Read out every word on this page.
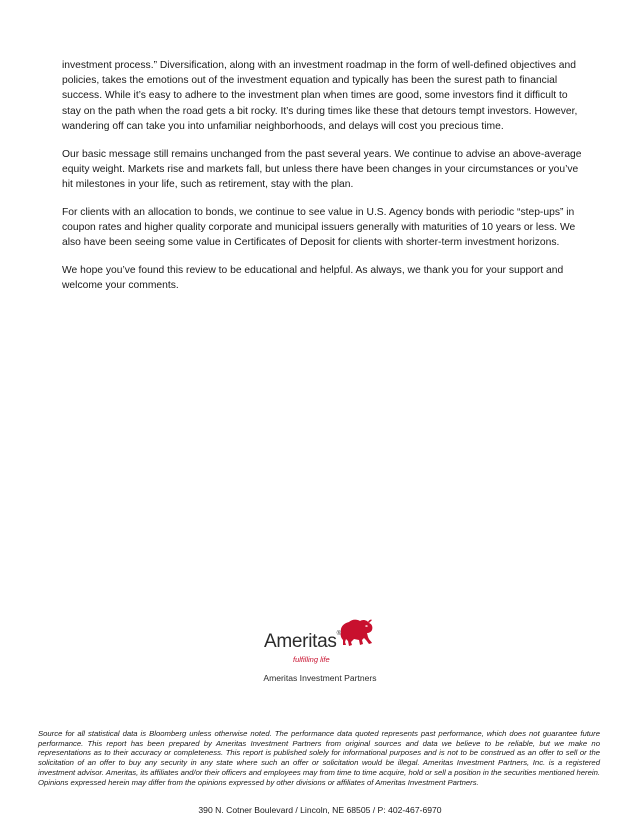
investment process.” Diversification, along with an investment roadmap in the form of well-defined objectives and policies, takes the emotions out of the investment equation and typically has been the surest path to financial success. While it’s easy to adhere to the investment plan when times are good, some investors find it difficult to stay on the path when the road gets a bit rocky. It’s during times like these that detours tempt investors. However, wandering off can take you into unfamiliar neighborhoods, and delays will cost you precious time.

Our basic message still remains unchanged from the past several years. We continue to advise an above-average equity weight. Markets rise and markets fall, but unless there have been changes in your circumstances or you’ve hit milestones in your life, such as retirement, stay with the plan.

For clients with an allocation to bonds, we continue to see value in U.S. Agency bonds with periodic “step-ups” in coupon rates and higher quality corporate and municipal issuers generally with maturities of 10 years or less. We also have been seeing some value in Certificates of Deposit for clients with shorter-term investment horizons.

We hope you’ve found this review to be educational and helpful. As always, we thank you for your support and welcome your comments.

Ameritas®
fulfilling life
Ameritas Investment Partners
Source for all statistical data is Bloomberg unless otherwise noted. The performance data quoted represents past performance, which does not guarantee future performance. This report has been prepared by Ameritas Investment Partners from original sources and data we believe to be reliable, but we make no representations as to their accuracy or completeness. This report is published solely for informational purposes and is not to be construed as an offer to sell or the solicitation of an offer to buy any security in any state where such an offer or solicitation would be illegal. Ameritas Investment Partners, Inc. is a registered investment advisor. Ameritas, its affiliates and/or their officers and employees may from time to time acquire, hold or sell a position in the securities mentioned herein. Opinions expressed herein may differ from the opinions expressed by other divisions or affiliates of Ameritas Investment Partners.
390 N. Cotner Boulevard / Lincoln, NE 68505 / P: 402-467-6970
